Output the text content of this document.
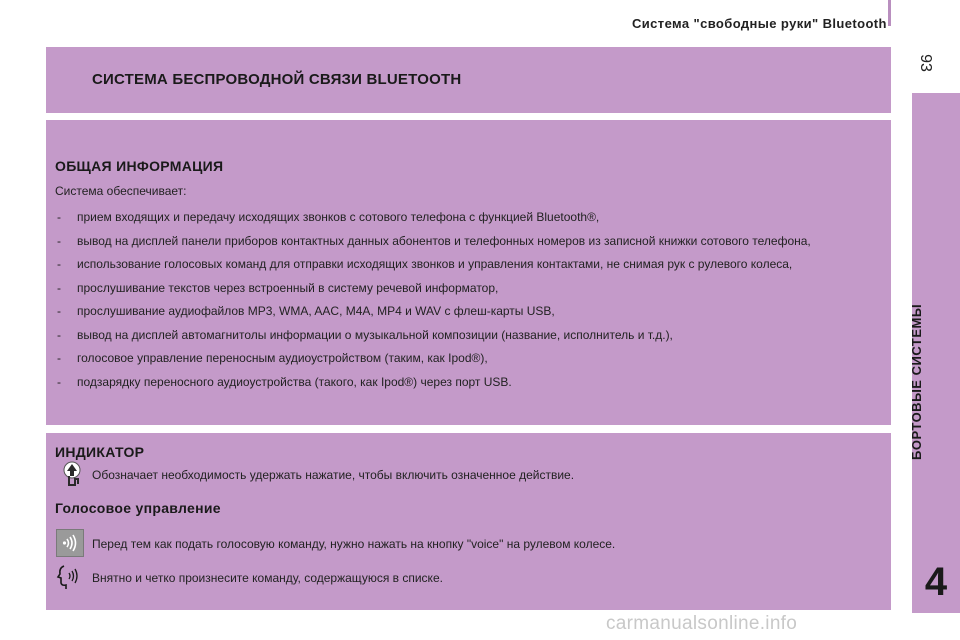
Система "свободные руки" Bluetooth
93
БОРТОВЫЕ СИСТЕМЫ
4
СИСТЕМА БЕСПРОВОДНОЙ СВЯЗИ BLUETOOTH
ОБЩАЯ ИНФОРМАЦИЯ
Система обеспечивает:
- прием входящих и передачу исходящих звонков с сотового телефона с функцией Bluetooth®,
- вывод на дисплей панели приборов контактных данных абонентов и телефонных номеров из записной книжки сотового телефона,
- использование голосовых команд для отправки исходящих звонков и управления контактами, не снимая рук с рулевого колеса,
- прослушивание текстов через встроенный в систему речевой информатор,
- прослушивание аудиофайлов MP3, WMA, AAC, M4A, MP4 и WAV с флеш-карты USB,
- вывод на дисплей автомагнитолы информации о музыкальной композиции (название, исполнитель и т.д.),
- голосовое управление переносным аудиоустройством (таким, как Ipod®),
- подзарядку переносного аудиоустройства (такого, как Ipod®) через порт USB.
ИНДИКАТОР
Обозначает необходимость удержать нажатие, чтобы включить означенное действие.
Голосовое управление
Перед тем как подать голосовую команду, нужно нажать на кнопку "voice" на рулевом колесе.
Внятно и четко произнесите команду, содержащуюся в списке.
carmanualsonline.info
